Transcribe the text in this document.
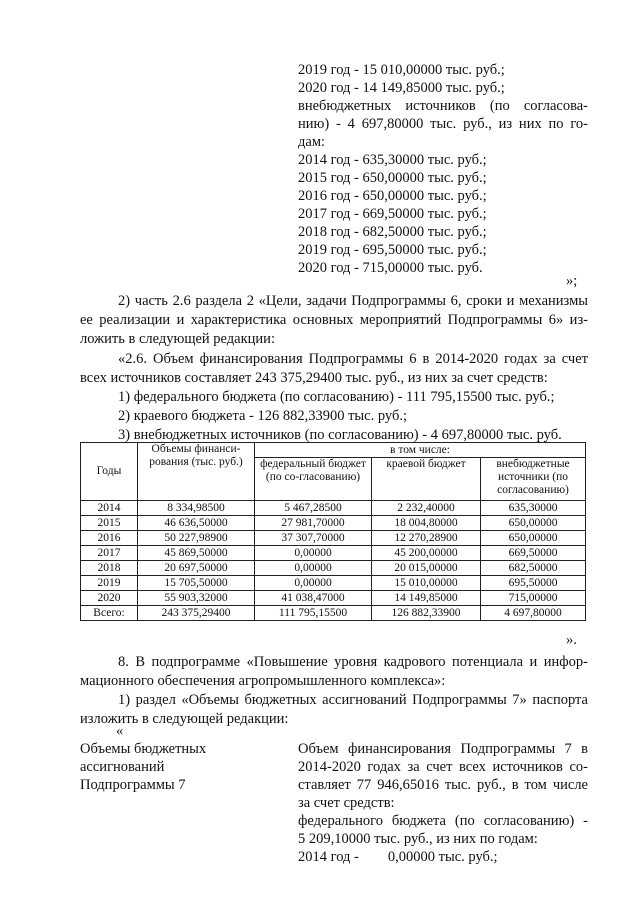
2019 год - 15 010,00000 тыс. руб.;
2020 год - 14 149,85000 тыс. руб.;
внебюджетных источников (по согласова-
нию) - 4 697,80000 тыс. руб., из них по го-
дам:
2014 год - 635,30000 тыс. руб.;
2015 год - 650,00000 тыс. руб.;
2016 год - 650,00000 тыс. руб.;
2017 год - 669,50000 тыс. руб.;
2018 год - 682,50000 тыс. руб.;
2019 год - 695,50000 тыс. руб.;
2020 год - 715,00000 тыс. руб.
»;
2) часть 2.6 раздела 2 «Цели, задачи Подпрограммы 6, сроки и механизмы
ее реализации и характеристика основных мероприятий Подпрограммы 6» из-
ложить в следующей редакции:
«2.6. Объем финансирования Подпрограммы 6 в 2014-2020 годах за счет
всех источников составляет 243 375,29400 тыс. руб., из них за счет средств:
1) федерального бюджета (по согласованию) - 111 795,15500 тыс. руб.;
2) краевого бюджета - 126 882,33900 тыс. руб.;
3) внебюджетных источников (по согласованию) - 4 697,80000 тыс. руб.
Годы	Объемы финанси-рования (тыс. руб.)	в том числе:		
		федеральный бюджет (по со-гласованию)	краевой бюджет	внебюджетные источники (по согласованию)
2014	8 334,98500	5 467,28500	2 232,40000	635,30000
2015	46 636,50000	27 981,70000	18 004,80000	650,00000
2016	50 227,98900	37 307,70000	12 270,28900	650,00000
2017	45 869,50000	0,00000	45 200,00000	669,50000
2018	20 697,50000	0,00000	20 015,00000	682,50000
2019	15 705,50000	0,00000	15 010,00000	695,50000
2020	55 903,32000	41 038,47000	14 149,85000	715,00000
Всего:	243 375,29400	111 795,15500	126 882,33900	4 697,80000
».
8. В подпрограмме «Повышение уровня кадрового потенциала и инфор-
мационного обеспечения агропромышленного комплекса»:
1) раздел «Объемы бюджетных ассигнований Подпрограммы 7» паспорта
изложить в следующей редакции:
«
Объемы бюджетных
ассигнований
Подпрограммы 7
Объем финансирования Подпрограммы 7 в
2014-2020 годах за счет всех источников со-
ставляет 77 946,65016 тыс. руб., в том числе
за счет средств:
федерального бюджета (по согласованию) -
5 209,10000 тыс. руб., из них по годам:
2014 год -        0,00000 тыс. руб.;
